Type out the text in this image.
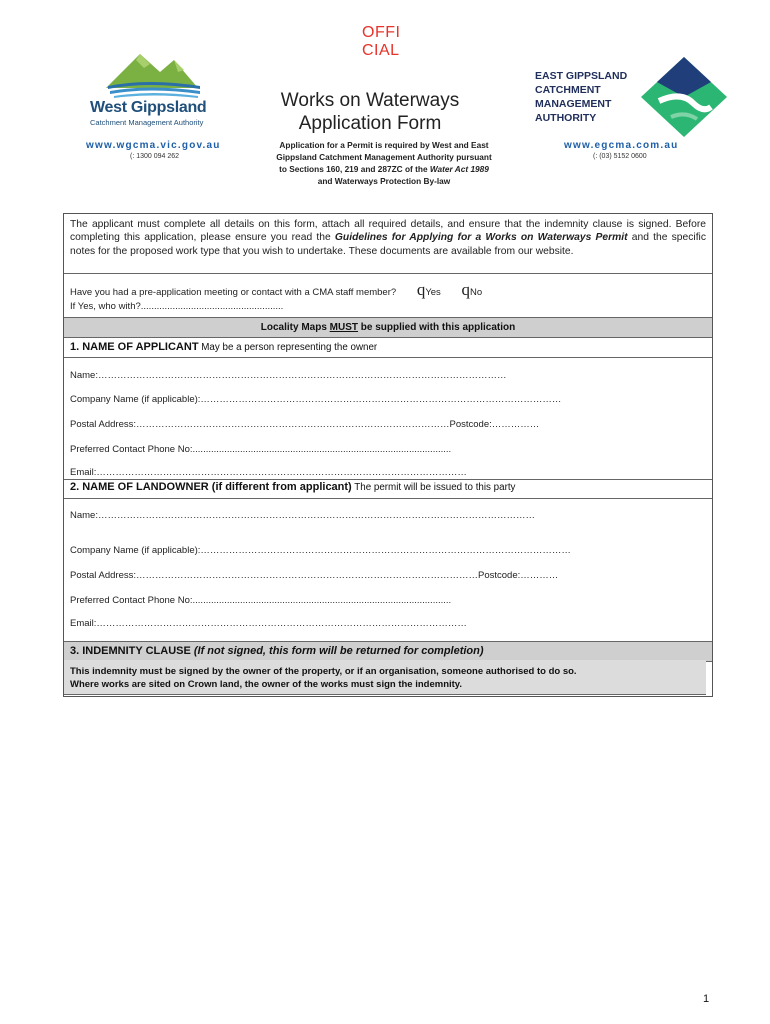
OFFI
CIAL
West Gippsland
Catchment Management Authority
www.wgcma.vic.gov.au
(: 1300 094 262
Works on Waterways
Application Form
Application for a Permit is required by West and East
Gippsland Catchment Management Authority pursuant
to Sections 160, 219 and 287ZC of the Water Act 1989
and Waterways Protection By-law
EAST GIPPSLAND
CATCHMENT
MANAGEMENT
AUTHORITY
www.egcma.com.au
(: (03) 5152 0600
The applicant must complete all details on this form, attach all required details, and ensure that the indemnity clause is signed. Before completing this application, please ensure you read the Guidelines for Applying for a Works on Waterways Permit and the specific notes for the proposed work type that you wish to undertake. These documents are available from our website.
Have you had a pre-application meeting or contact with a CMA staff member? qYes qNo
If Yes, who with?......................................................
Locality Maps MUST be supplied with this application
1. NAME OF APPLICANT May be a person representing the owner
Name:…………………………………………………………………………………………………………………
Company Name (if applicable):……………………………………………………………………………………………………
Postal Address:………………………………………………………………………………………Postcode:……………
Preferred Contact Phone No:..................................................................................................
Email:………………………………………………………………………………………………………
2. NAME OF LANDOWNER (if different from applicant) The permit will be issued to this party
Name:…………………………………………………………………………………………………………………………
Company Name (if applicable):………………………………………………………………………………………………………
Postal Address:………………………………………………………………………………………………Postcode:…………
Preferred Contact Phone No:..................................................................................................
Email:………………………………………………………………………………………………………
3. INDEMNITY CLAUSE (If not signed, this form will be returned for completion)
This indemnity must be signed by the owner of the property, or if an organisation, someone authorised to do so.
Where works are sited on Crown land, the owner of the works must sign the indemnity.
1
